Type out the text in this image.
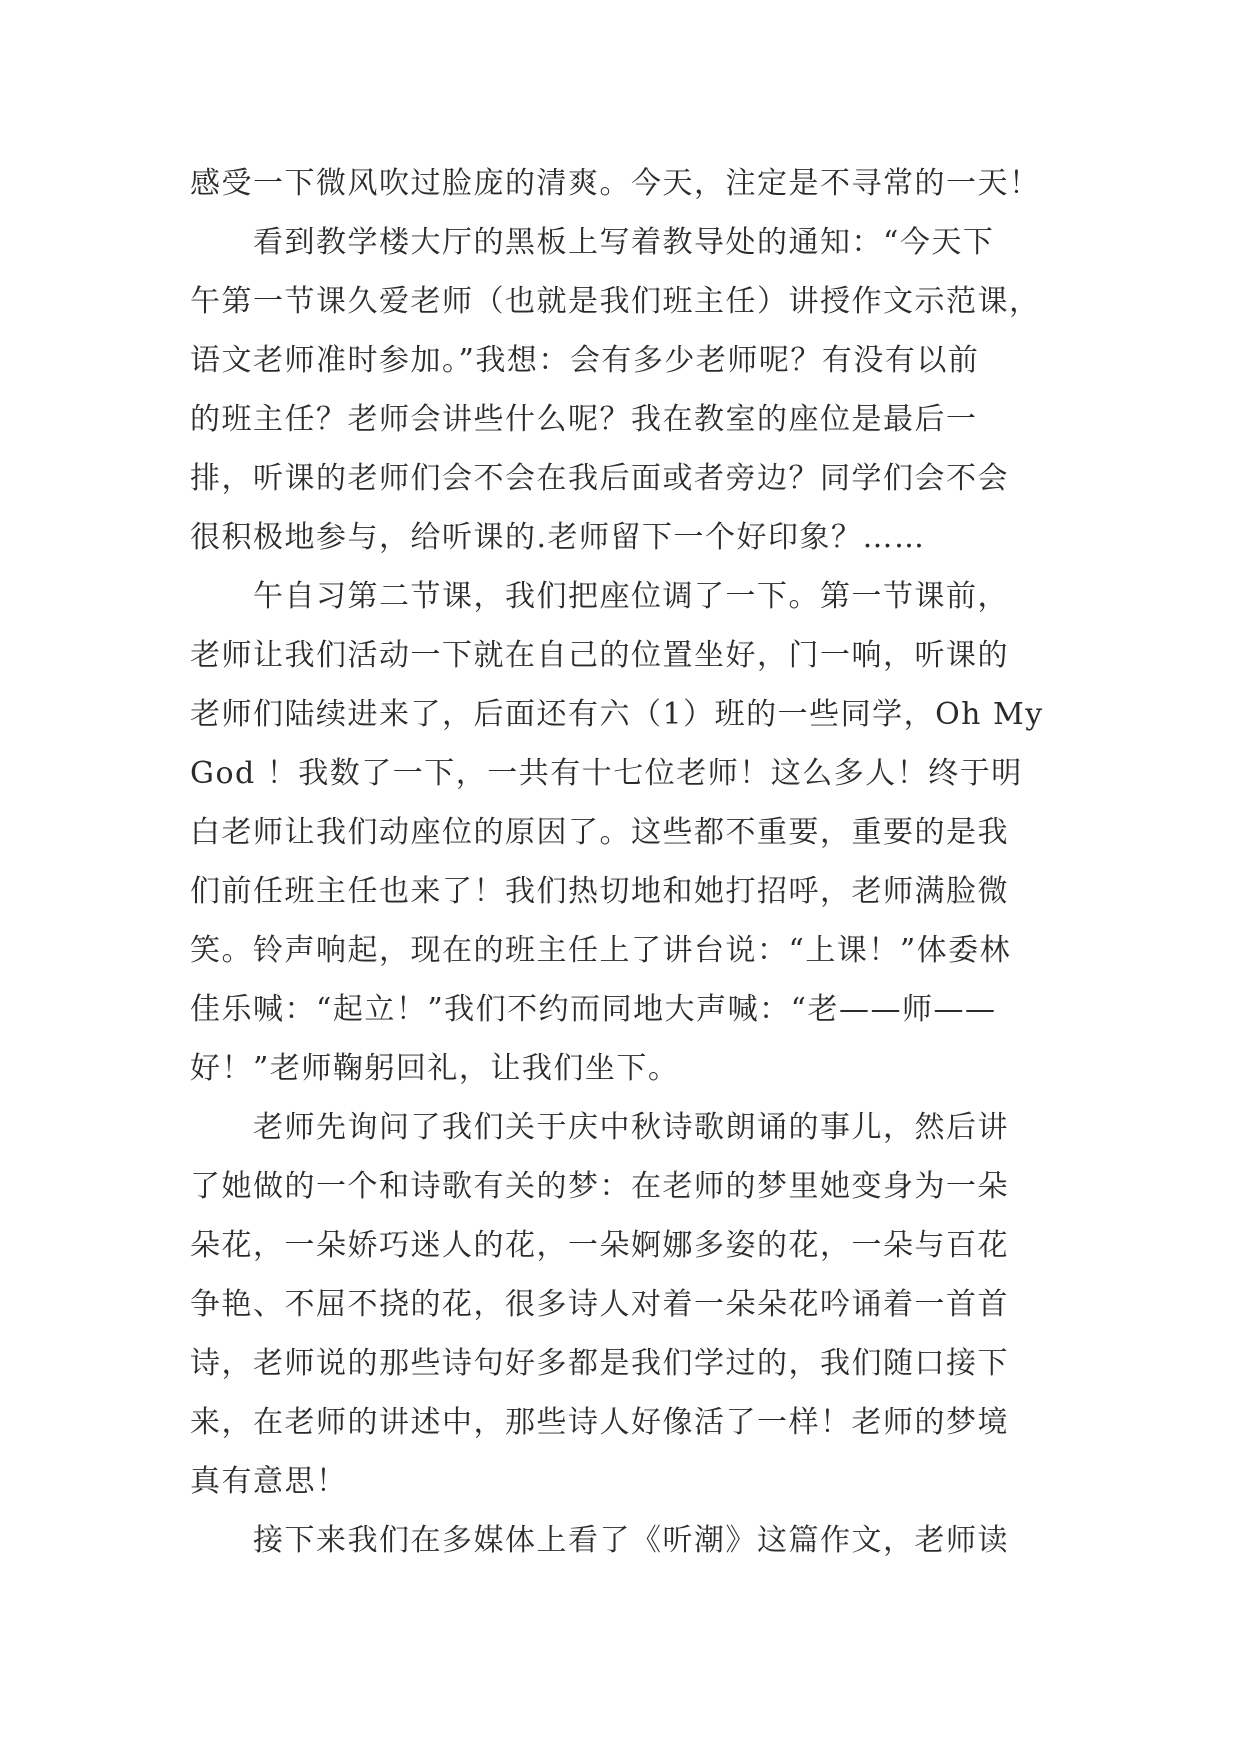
感受一下微风吹过脸庞的清爽。今天，注定是不寻常的一天！
　　看到教学楼大厅的黑板上写着教导处的通知：“今天下
午第一节课久爱老师（也就是我们班主任）讲授作文示范课，
语文老师准时参加。”我想：会有多少老师呢？有没有以前
的班主任？老师会讲些什么呢？我在教室的座位是最后一
排，听课的老师们会不会在我后面或者旁边？同学们会不会
很积极地参与，给听课的.老师留下一个好印象？……
　　午自习第二节课，我们把座位调了一下。第一节课前，
老师让我们活动一下就在自己的位置坐好，门一响，听课的
老师们陆续进来了，后面还有六（1）班的一些同学，Oh My
God ！我数了一下，一共有十七位老师！这么多人！终于明
白老师让我们动座位的原因了。这些都不重要，重要的是我
们前任班主任也来了！我们热切地和她打招呼，老师满脸微
笑。铃声响起，现在的班主任上了讲台说：“上课！”体委林
佳乐喊：“起立！”我们不约而同地大声喊：“老——师——
好！”老师鞠躬回礼，让我们坐下。
　　老师先询问了我们关于庆中秋诗歌朗诵的事儿，然后讲
了她做的一个和诗歌有关的梦：在老师的梦里她变身为一朵
朵花，一朵娇巧迷人的花，一朵婀娜多姿的花，一朵与百花
争艳、不屈不挠的花，很多诗人对着一朵朵花吟诵着一首首
诗，老师说的那些诗句好多都是我们学过的，我们随口接下
来，在老师的讲述中，那些诗人好像活了一样！老师的梦境
真有意思！
　　接下来我们在多媒体上看了《听潮》这篇作文，老师读
